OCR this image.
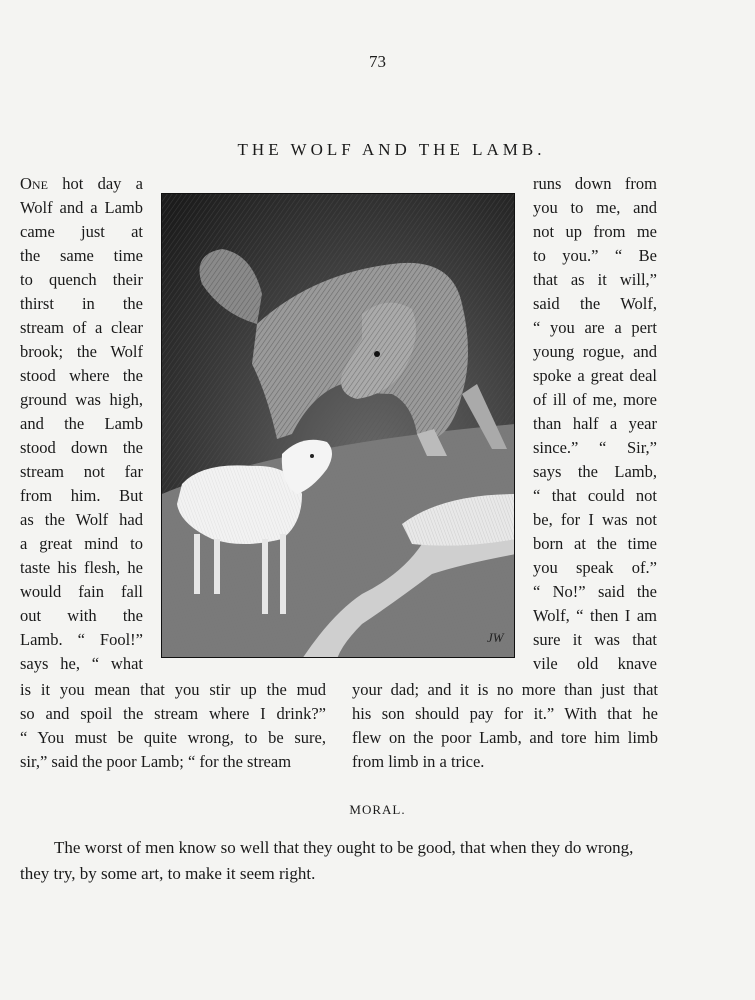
73
THE WOLF AND THE LAMB.
One hot day a
Wolf and a Lamb
came just at
the same time
to quench their
thirst in the
stream of a clear
brook; the Wolf
stood where the
ground was high,
and the Lamb
stood down the
stream not far
from him. But
as the Wolf had
a great mind to
taste his flesh, he
would fain fall
out with the
Lamb. “ Fool!”
says he, “ what
runs down from
you to me, and
not up from me
to you.” “ Be
that as it will,”
said the Wolf,
“ you are a pert
young rogue, and
spoke a great deal
of ill of me, more
than half a year
since.” “ Sir,”
says the Lamb,
“ that could not
be, for I was not
born at the time
you speak of.”
“ No!” said the
Wolf, “ then I am
sure it was that
vile old knave
JW
is it you mean that you stir up the mud
so and spoil the stream where I drink?”
“ You must be quite wrong, to be sure,
sir,” said the poor Lamb; “ for the stream
your dad; and it is no more than just that
his son should pay for it.” With that he
flew on the poor Lamb, and tore him limb
from limb in a trice.
MORAL.
The worst of men know so well that they ought to be good, that when they do wrong,
they try, by some art, to make it seem right.
